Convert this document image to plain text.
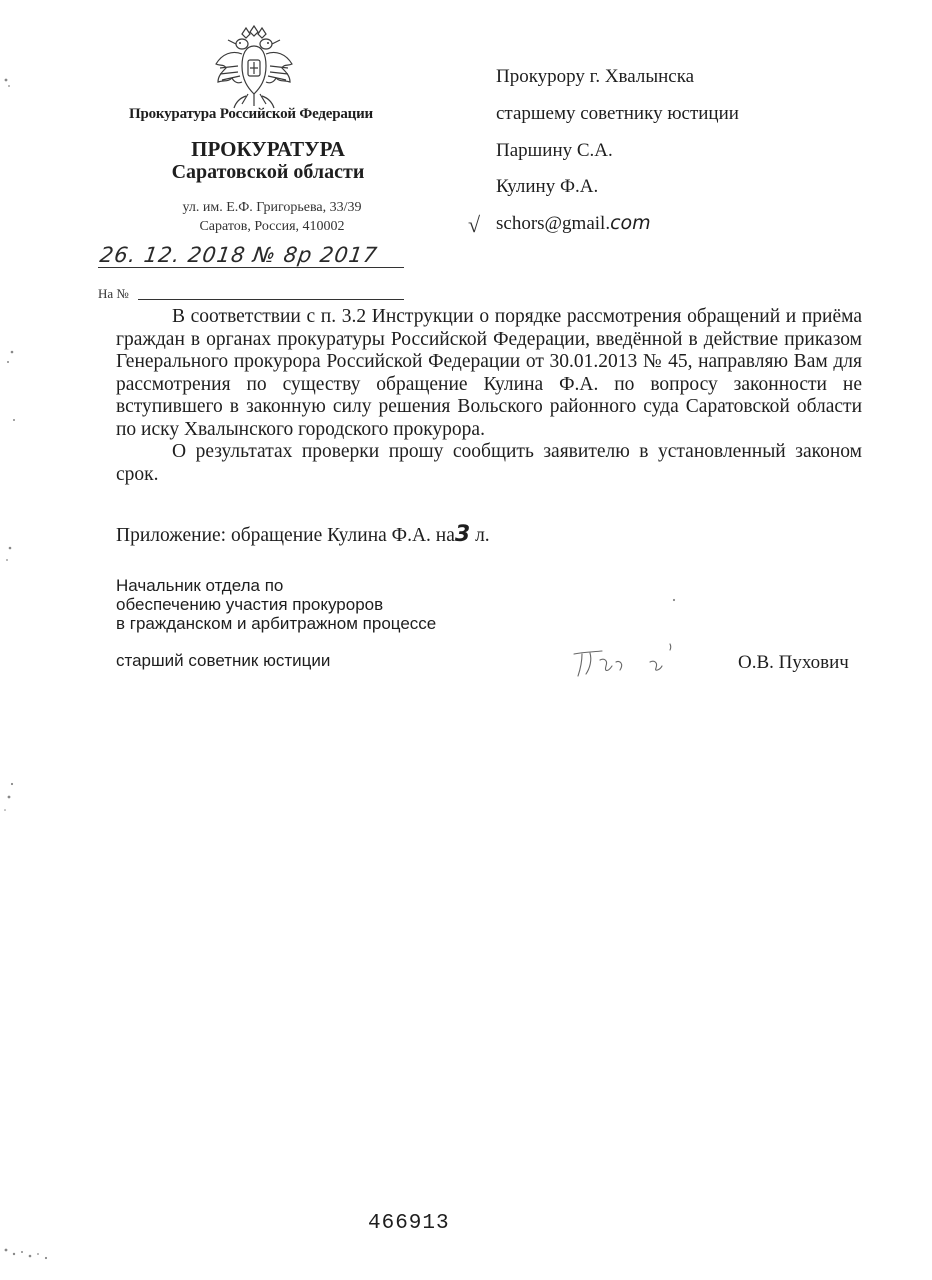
Прокуратура Российской Федерации
ПРОКУРАТУРА
Саратовской области
ул. им. Е.Ф. Григорьева, 33/39
Саратов, Россия, 410002
26. 12. 2018 № 8р 2017
На №
Прокурору г. Хвалынска
старшему советнику юстиции
Паршину С.А.
Кулину Ф.А.
√ schors@gmail.com

В соответствии с п. 3.2 Инструкции о порядке рассмотрения обращений и приёма граждан в органах прокуратуры Российской Федерации, введённой в действие приказом Генерального прокурора Российской Федерации от 30.01.2013 № 45, направляю Вам для рассмотрения по существу обращение Кулина Ф.А. по вопросу законности не вступившего в законную силу решения Вольского районного суда Саратовской области по иску Хвалынского городского прокурора.

О результатах проверки прошу сообщить заявителю в установленный законом срок.

Приложение: обращение Кулина Ф.А. на3 л.
Начальник отдела по
обеспечению участия прокуроров
в гражданском и арбитражном процессе
старший советник юстиции	О.В. Пухович
466913
